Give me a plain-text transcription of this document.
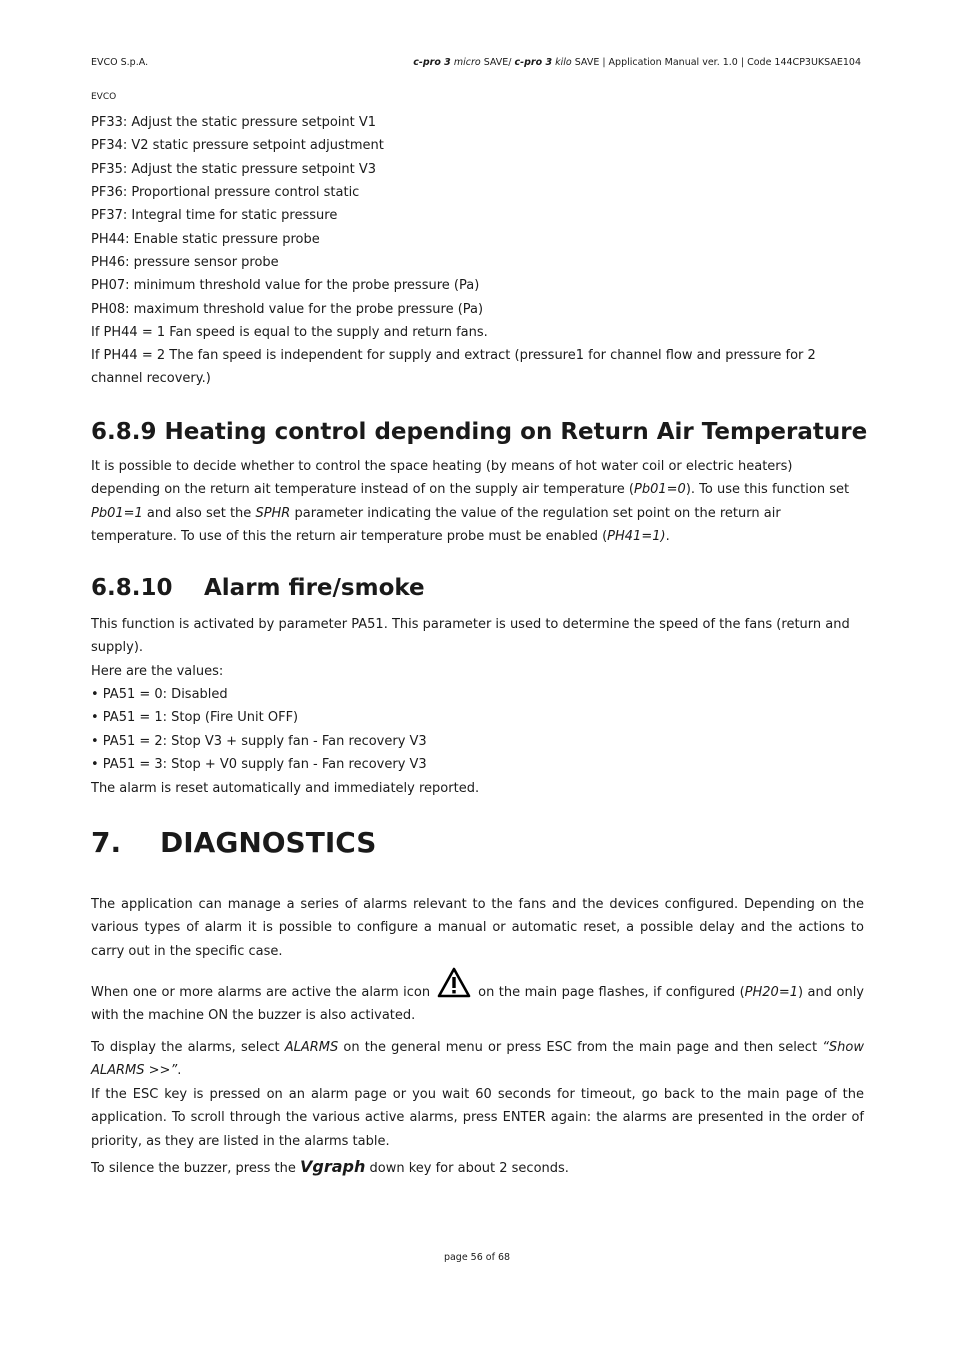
EVCO S.p.A.	c-pro 3 micro SAVE/ c-pro 3 kilo SAVE | Application Manual ver. 1.0 | Code 144CP3UKSAE104
EVCO
PF33: Adjust the static pressure setpoint V1
PF34: V2 static pressure setpoint adjustment
PF35: Adjust the static pressure setpoint V3
PF36: Proportional pressure control static
PF37: Integral time for static pressure
PH44: Enable static pressure probe
PH46: pressure sensor probe
PH07: minimum threshold value for the probe pressure (Pa)
PH08: maximum threshold value for the probe pressure (Pa)
If PH44 = 1 Fan speed is equal to the supply and return fans.
If PH44 = 2 The fan speed is independent for supply and extract (pressure1 for channel flow and pressure for 2 channel recovery.)
6.8.9 Heating control depending on Return Air Temperature
It is possible to decide whether to control the space heating (by means of hot water coil or electric heaters) depending on the return ait temperature instead of on the supply air temperature (Pb01=0). To use this function set Pb01=1 and also set the SPHR parameter indicating the value of the regulation set point on the return air temperature. To use of this the return air temperature probe must be enabled (PH41=1).
6.8.10 Alarm fire/smoke
This function is activated by parameter PA51. This parameter is used to determine the speed of the fans (return and supply).
Here are the values:
• PA51 = 0: Disabled
• PA51 = 1: Stop (Fire Unit OFF)
• PA51 = 2: Stop V3 + supply fan - Fan recovery V3
• PA51 = 3: Stop + V0 supply fan - Fan recovery V3
The alarm is reset automatically and immediately reported.
7. DIAGNOSTICS
The application can manage a series of alarms relevant to the fans and the devices configured. Depending on the various types of alarm it is possible to configure a manual or automatic reset, a possible delay and the actions to carry out in the specific case.
When one or more alarms are active the alarm icon	on the main page flashes, if configured (PH20=1) and only with the machine ON the buzzer is also activated.
To display the alarms, select ALARMS on the general menu or press ESC from the main page and then select “Show ALARMS >>”.
If the ESC key is pressed on an alarm page or you wait 60 seconds for timeout, go back to the main page of the application. To scroll through the various active alarms, press ENTER again: the alarms are presented in the order of priority, as they are listed in the alarms table.
To silence the buzzer, press the Vgraph down key for about 2 seconds.
page 56 of 68
